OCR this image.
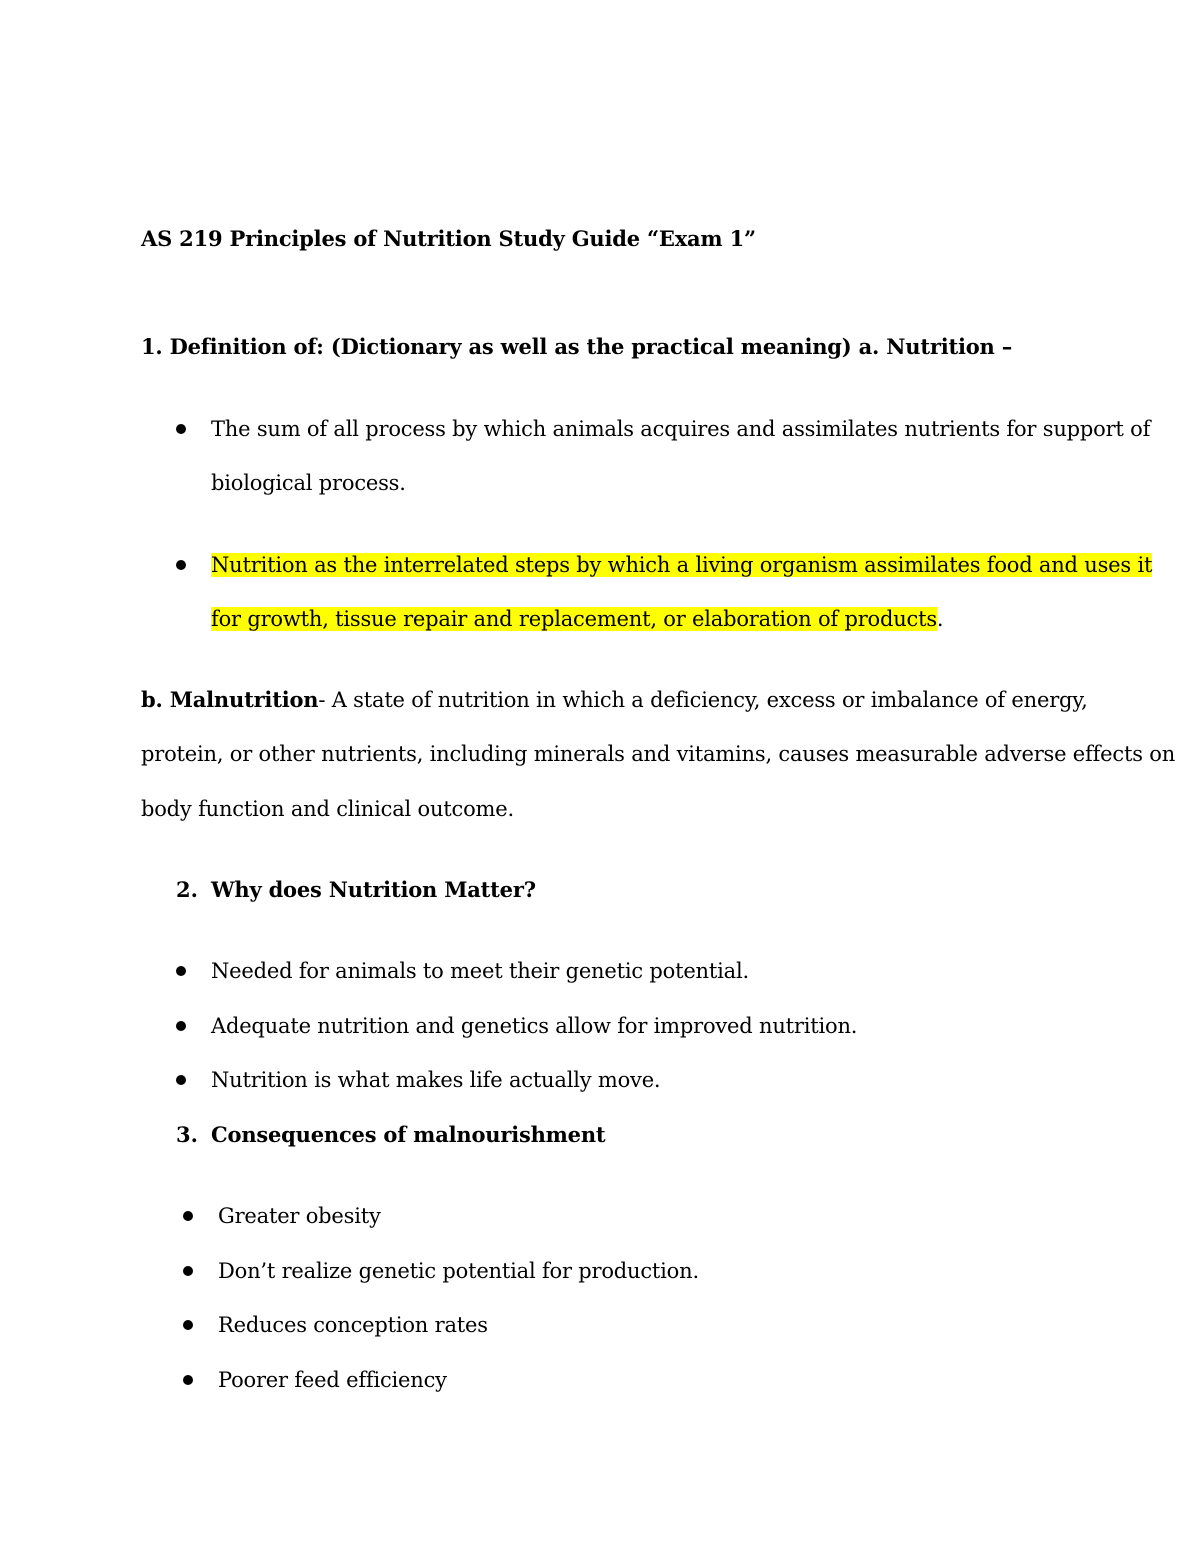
AS 219 Principles of Nutrition Study Guide “Exam 1”
1. Definition of: (Dictionary as well as the practical meaning) a. Nutrition –
The sum of all process by which animals acquires and assimilates nutrients for support of
biological process.
Nutrition as the interrelated steps by which a living organism assimilates food and uses it
for growth, tissue repair and replacement, or elaboration of products.
b. Malnutrition- A state of nutrition in which a deficiency, excess or imbalance of energy,
protein, or other nutrients, including minerals and vitamins, causes measurable adverse effects on
body function and clinical outcome.
2. Why does Nutrition Matter?
Needed for animals to meet their genetic potential.
Adequate nutrition and genetics allow for improved nutrition.
Nutrition is what makes life actually move.
3. Consequences of malnourishment
Greater obesity
Don’t realize genetic potential for production.
Reduces conception rates
Poorer feed efficiency
